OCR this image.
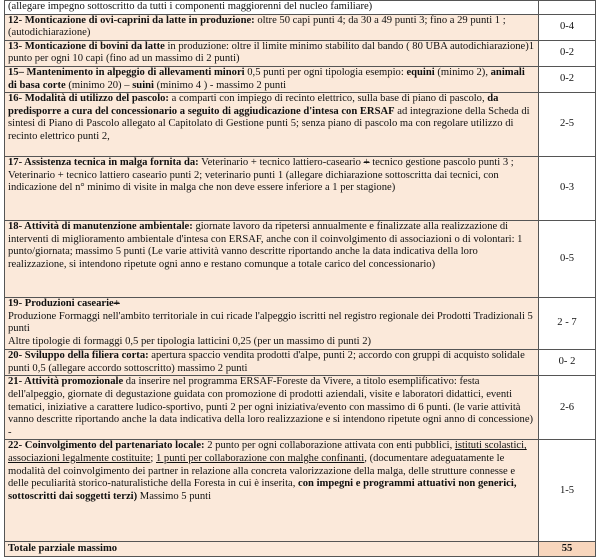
(allegare impegno sottoscritto da tutti i componenti maggiorenni del nucleo familiare)	
12- Monticazione di ovi-caprini da latte in produzione: oltre 50 capi punti 4; da 30 a 49 punti 3; fino a 29 punti 1 ; (autodichiarazione)	0-4
13- Monticazione di bovini da latte in produzione: oltre il limite minimo stabilito dal bando ( 80 UBA autodichiarazione)1 punto per ogni 10 capi (fino ad un massimo di 2 punti)	0-2
15– Mantenimento in alpeggio di allevamenti minori 0,5 punti per ogni tipologia esempio: equini (minimo 2), animali di basa corte (minimo 20) – suini (minimo 4 ) - massimo 2 punti	0-2
16- Modalità di utilizzo del pascolo: a comparti con impiego di recinto elettrico, sulla base di piano di pascolo, da predisporre a cura del concessionario a seguito di aggiudicazione d'intesa con ERSAF ad integrazione della Scheda di sintesi di Piano di Pascolo allegato al Capitolato di Gestione punti 5; senza piano di pascolo ma con regolare utilizzo di recinto elettrico punti 2,	2-5
17- Assistenza tecnica in malga fornita da: Veterinario + tecnico lattiero-caseario + tecnico gestione pascolo punti 3 ; Veterinario + tecnico lattiero caseario punti 2; veterinario punti 1 (allegare dichiarazione sottoscritta dai tecnici, con indicazione del n° minimo di visite in malga che non deve essere inferiore a 1 per stagione)	0-3
18- Attività di manutenzione ambientale: giornate lavoro da ripetersi annualmente e finalizzate alla realizzazione di interventi di miglioramento ambientale d'intesa con ERSAF, anche con il coinvolgimento di associazioni o di volontari: 1 punto/giornata; massimo 5 punti (Le varie attività vanno descritte riportando anche la data indicativa della loro realizzazione, si intendono ripetute ogni anno e restano comunque a totale carico del concessionario)	0-5
19- Produzioni casearie+
Produzione Formaggi nell'ambito territoriale in cui ricade l'alpeggio iscritti nel registro regionale dei Prodotti Tradizionali 5 punti
Altre tipologie di formaggi 0,5 per tipologia latticini 0,25 (per un massimo di punti 2)	2 - 7
20- Sviluppo della filiera corta: apertura spaccio vendita prodotti d'alpe, punti 2; accordo con gruppi di acquisto solidale punti 0,5 (allegare accordo sottoscritto) massimo 2 punti	0- 2
21- Attività promozionale da inserire nel programma ERSAF-Foreste da Vivere, a titolo esemplificativo: festa dell'alpeggio, giornate di degustazione guidata con promozione di prodotti aziendali, visite e laboratori didattici, eventi tematici, iniziative a carattere ludico-sportivo, punti 2 per ogni iniziativa/evento con massimo di 6 punti. (le varie attività vanno descritte riportando anche la data indicativa della loro realizzazione e si intendono ripetute ogni anno di concessione) -	2-6
22- Coinvolgimento del partenariato locale: 2 punto per ogni collaborazione attivata con enti pubblici, istituti scolastici, associazioni legalmente costituite; 1 punti per collaborazione con malghe confinanti, (documentare adeguatamente le modalità del coinvolgimento dei partner in relazione alla concreta valorizzazione della malga, delle strutture connesse e delle peculiarità storico-naturalistiche della Foresta in cui è inserita, con impegni e programmi attuativi non generici, sottoscritti dai soggetti terzi) Massimo 5 punti	1-5
Totale parziale massimo	55
